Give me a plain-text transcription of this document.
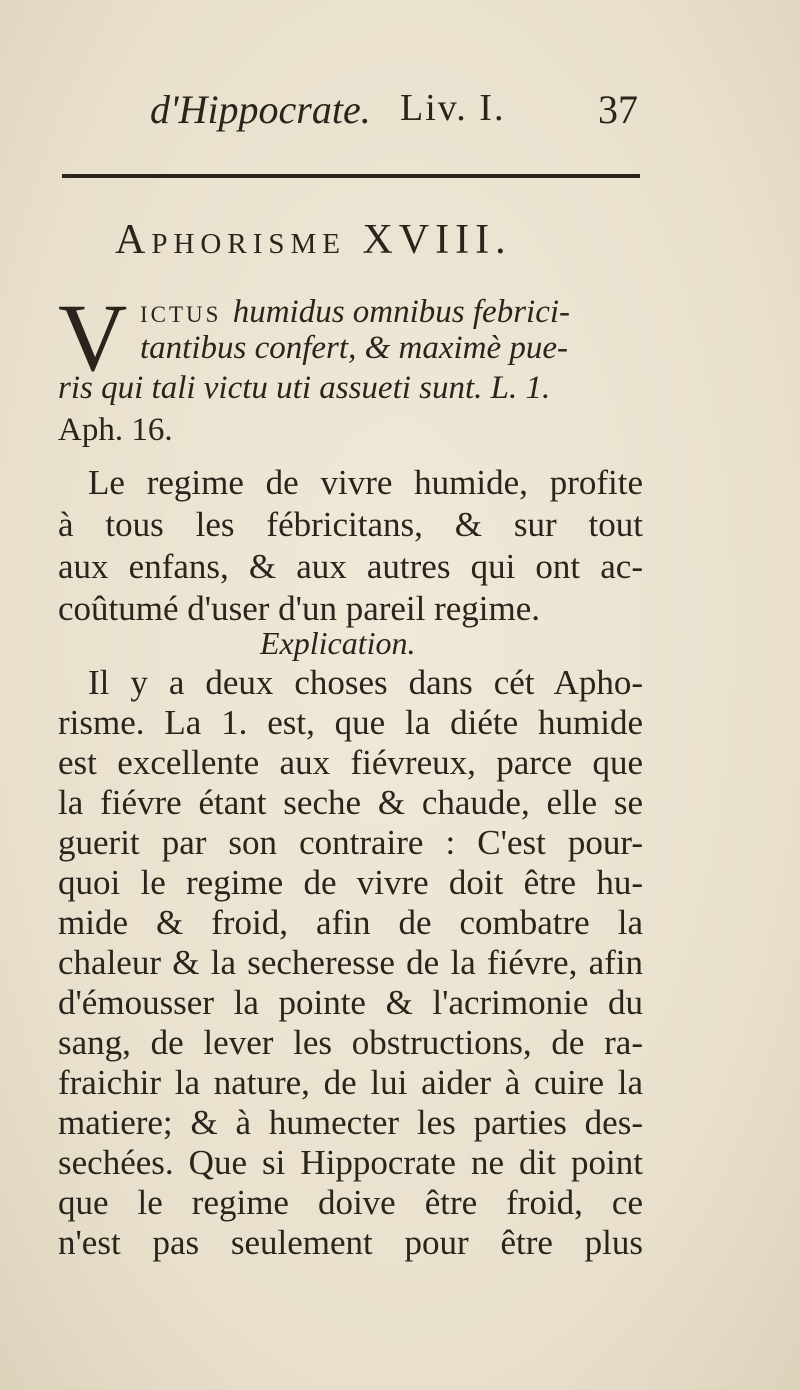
d'Hippocrate. Liv. I. 37
Aphorisme XVIII.
V ictus humidus omnibus febrici-
tantibus confert, & maximè pue-
ris qui tali victu uti assueti sunt. L. 1.
Aph. 16.
Le regime de vivre humide, profite
à tous les fébricitans, & sur tout
aux enfans, & aux autres qui ont ac-
coûtumé d'user d'un pareil regime.
Explication.
Il y a deux choses dans cét Apho-
risme. La 1. est, que la diéte humide
est excellente aux fiévreux, parce que
la fiévre étant seche & chaude, elle se
guerit par son contraire : C'est pour-
quoi le regime de vivre doit être hu-
mide & froid, afin de combatre la
chaleur & la secheresse de la fiévre, afin
d'émousser la pointe & l'acrimonie du
sang, de lever les obstructions, de ra-
fraichir la nature, de lui aider à cuire la
matiere; & à humecter les parties des-
sechées. Que si Hippocrate ne dit point
que le regime doive être froid, ce
n'est pas seulement pour être plus
